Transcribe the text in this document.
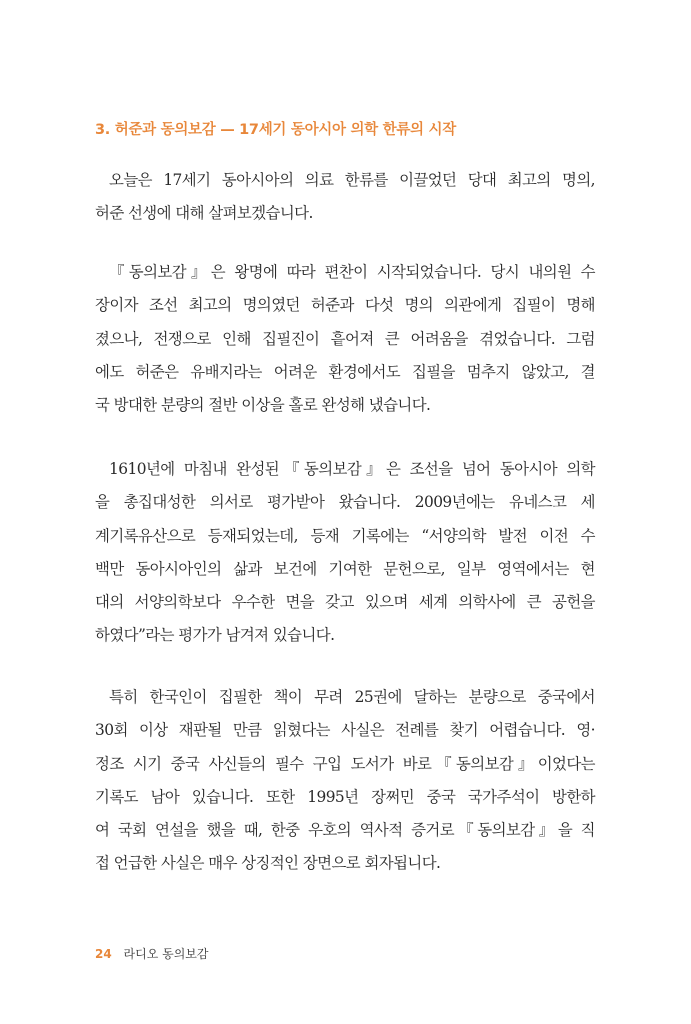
3. 허준과 동의보감 — 17세기 동아시아 의학 한류의 시작

오늘은 17세기 동아시아의 의료 한류를 이끌었던 당대 최고의 명의,
허준 선생에 대해 살펴보겠습니다.

『동의보감』은 왕명에 따라 편찬이 시작되었습니다. 당시 내의원 수
장이자 조선 최고의 명의였던 허준과 다섯 명의 의관에게 집필이 명해
졌으나, 전쟁으로 인해 집필진이 흩어져 큰 어려움을 겪었습니다. 그럼
에도 허준은 유배지라는 어려운 환경에서도 집필을 멈추지 않았고, 결
국 방대한 분량의 절반 이상을 홀로 완성해 냈습니다.

1610년에 마침내 완성된『동의보감』은 조선을 넘어 동아시아 의학
을 총집대성한 의서로 평가받아 왔습니다. 2009년에는 유네스코 세
계기록유산으로 등재되었는데, 등재 기록에는 “서양의학 발전 이전 수
백만 동아시아인의 삶과 보건에 기여한 문헌으로, 일부 영역에서는 현
대의 서양의학보다 우수한 면을 갖고 있으며 세계 의학사에 큰 공헌을
하였다”라는 평가가 남겨져 있습니다.

특히 한국인이 집필한 책이 무려 25권에 달하는 분량으로 중국에서
30회 이상 재판될 만큼 읽혔다는 사실은 전례를 찾기 어렵습니다. 영·
정조 시기 중국 사신들의 필수 구입 도서가 바로『동의보감』이었다는
기록도 남아 있습니다. 또한 1995년 장쩌민 중국 국가주석이 방한하
여 국회 연설을 했을 때, 한중 우호의 역사적 증거로『동의보감』을 직
접 언급한 사실은 매우 상징적인 장면으로 회자됩니다.

24 라디오 동의보감
